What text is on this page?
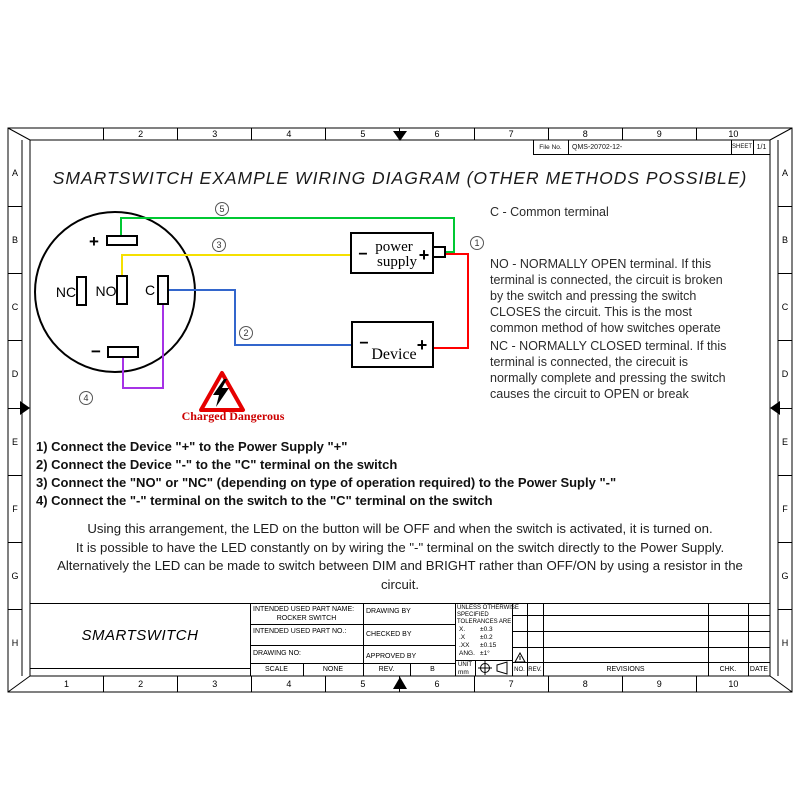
2	3	4	5	6	7	8	9	10
1	2	3	4	5	6	7	8	9	10
A
B
C
D
E
F
G
H
A
B
C
D
E
F
G
H
File No.	QMS-20702-12-	SHEET 1/1
SMARTSWITCH EXAMPLE WIRING DIAGRAM (OTHER METHODS POSSIBLE)
+
−
NC NO C
− power
supply +
−
Device +
1
2
3
4
5
Charged Dangerous
C - Common terminal
NO - NORMALLY OPEN terminal. If this
terminal is connected, the circuit is broken
by the switch and pressing the switch
CLOSES the circuit. This is the most
common method of how switches operate
NC - NORMALLY CLOSED terminal. If this
terminal is connected, the cirecuit is
normally complete and pressing the switch
causes the circuit to OPEN or break
1) Connect the Device "+" to the Power Supply "+"
2) Connect the Device "-" to the "C" terminal on the switch
3) Connect the "NO" or "NC" (depending on type of operation required) to the Power Suply "-"
4) Connect the "-" terminal on the switch to the "C" terminal on the switch
Using this arrangement, the LED on the button will be OFF and when the switch is activated, it is turned on.
It is possible to have the LED constantly on by wiring the "-" terminal on the switch directly to the Power Supply.
Alternatively the LED can be made to switch between DIM and BRIGHT rather than OFF/ON by using a resistor in the
circuit.
SMARTSWITCH
INTENDED USED PART NAME:
ROCKER SWITCH
DRAWING BY
INTENDED USED PART NO.:	CHECKED BY
DRAWING NO:	APPROVED BY
SCALE	NONE	REV.	B
UNLESS OTHERWISE
SPECIFIED
TOLERANCES ARE
X. ±0.3
.X ±0.2
.XX ±0.15
ANG. ±1°
UNIT
mm	NO. REV.	REVISIONS	CHK.	DATE
